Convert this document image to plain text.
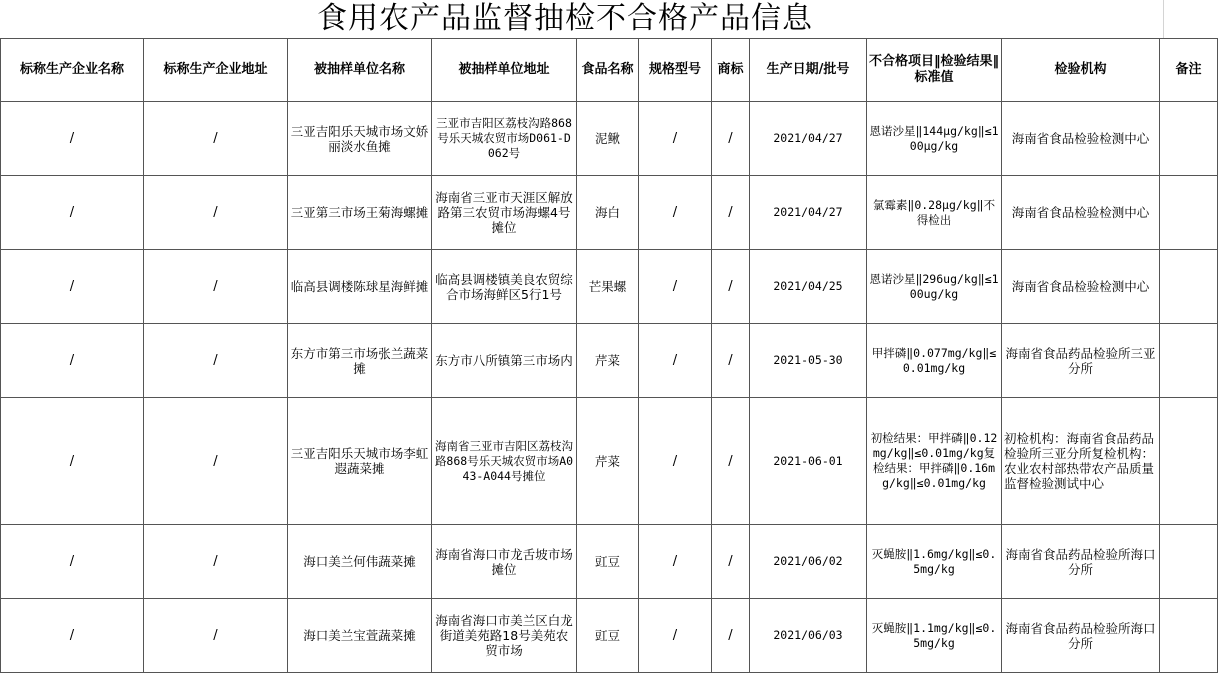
食用农产品监督抽检不合格产品信息
标称生产企业名称	标称生产企业地址	被抽样单位名称	被抽样单位地址	食品名称	规格型号	商标	生产日期/批号	不合格项目‖检验结果‖标准值	检验机构	备注
/	/	三亚吉阳乐天城市场文娇丽淡水鱼摊	三亚市吉阳区荔枝沟路868号乐天城农贸市场D061-D062号	泥鳅	/	/	2021/04/27	恩诺沙星‖144μg/kg‖≤100μg/kg	海南省食品检验检测中心	
/	/	三亚第三市场王菊海螺摊	海南省三亚市天涯区解放路第三农贸市场海螺4号摊位	海白	/	/	2021/04/27	氯霉素‖0.28μg/kg‖不得检出	海南省食品检验检测中心	
/	/	临高县调楼陈球星海鲜摊	临高县调楼镇美良农贸综合市场海鲜区5行1号	芒果螺	/	/	2021/04/25	恩诺沙星‖296ug/kg‖≤100ug/kg	海南省食品检验检测中心	
/	/	东方市第三市场张兰蔬菜摊	东方市八所镇第三市场内	芹菜	/	/	2021-05-30	甲拌磷‖0.077mg/kg‖≤0.01mg/kg	海南省食品药品检验所三亚分所	
/	/	三亚吉阳乐天城市场李虹遐蔬菜摊	海南省三亚市吉阳区荔枝沟路868号乐天城农贸市场A043-A044号摊位	芹菜	/	/	2021-06-01	初检结果：甲拌磷‖0.12mg/kg‖≤0.01mg/kg复检结果：甲拌磷‖0.16mg/kg‖≤0.01mg/kg	初检机构：海南省食品药品检验所三亚分所复检机构：农业农村部热带农产品质量监督检验测试中心	
/	/	海口美兰何伟蔬菜摊	海南省海口市龙舌坡市场摊位	豇豆	/	/	2021/06/02	灭蝇胺‖1.6mg/kg‖≤0.5mg/kg	海南省食品药品检验所海口分所	
/	/	海口美兰宝萱蔬菜摊	海南省海口市美兰区白龙街道美苑路18号美苑农贸市场	豇豆	/	/	2021/06/03	灭蝇胺‖1.1mg/kg‖≤0.5mg/kg	海南省食品药品检验所海口分所	
